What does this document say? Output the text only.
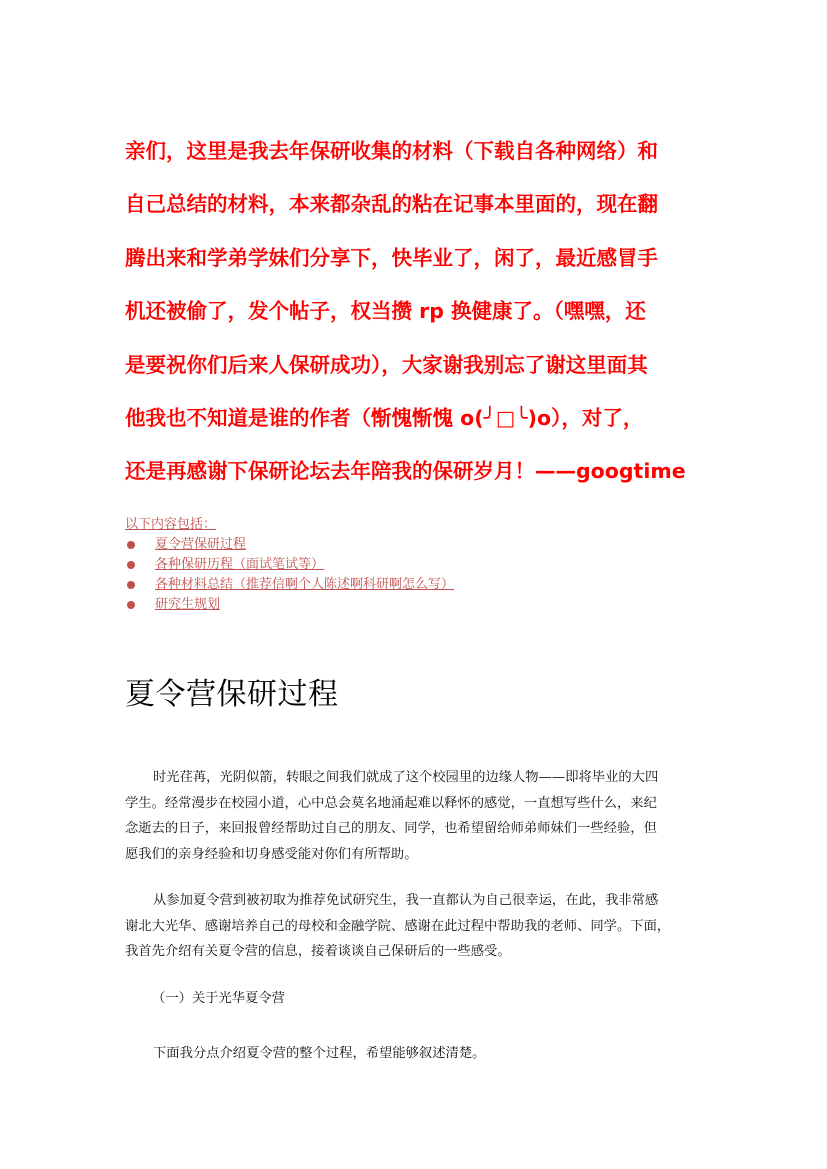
亲们，这里是我去年保研收集的材料（下载自各种网络）和
自己总结的材料，本来都杂乱的粘在记事本里面的，现在翻
腾出来和学弟学妹们分享下，快毕业了，闲了，最近感冒手
机还被偷了，发个帖子，权当攒 rp 换健康了。（嘿嘿，还
是要祝你们后来人保研成功），大家谢我别忘了谢这里面其
他我也不知道是谁的作者（惭愧惭愧 o(╯□╰)o），对了，
还是再感谢下保研论坛去年陪我的保研岁月！——googtime

以下内容包括：

夏令营保研过程
各种保研历程（面试笔试等）
各种材料总结（推荐信啊个人陈述啊科研啊怎么写）
研究生规划
夏令营保研过程
时光荏苒，光阴似箭，转眼之间我们就成了这个校园里的边缘人物——即将毕业的大四
学生。经常漫步在校园小道，心中总会莫名地涌起难以释怀的感觉，一直想写些什么，来纪
念逝去的日子，来回报曾经帮助过自己的朋友、同学，也希望留给师弟师妹们一些经验，但
愿我们的亲身经验和切身感受能对你们有所帮助。
从参加夏令营到被初取为推荐免试研究生，我一直都认为自己很幸运，在此，我非常感
谢北大光华、感谢培养自己的母校和金融学院、感谢在此过程中帮助我的老师、同学。下面，
我首先介绍有关夏令营的信息，接着谈谈自己保研后的一些感受。
（一）关于光华夏令营
下面我分点介绍夏令营的整个过程，希望能够叙述清楚。
